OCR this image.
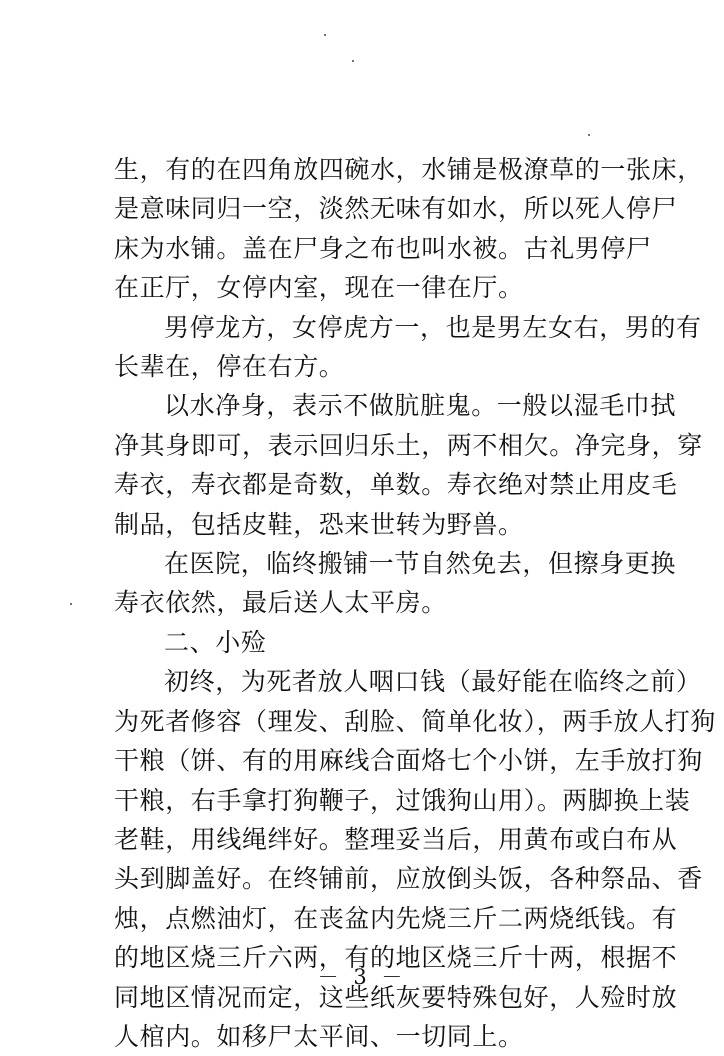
生，有的在四角放四碗水，水铺是极潦草的一张床，
是意味同归一空，淡然无味有如水，所以死人停尸
床为水铺。盖在尸身之布也叫水被。古礼男停尸
在正厅，女停内室，现在一律在厅。
男停龙方，女停虎方一，也是男左女右，男的有
长辈在，停在右方。
以水净身，表示不做肮脏鬼。一般以湿毛巾拭
净其身即可，表示回归乐土，两不相欠。净完身，穿
寿衣，寿衣都是奇数，单数。寿衣绝对禁止用皮毛
制品，包括皮鞋，恐来世转为野兽。
在医院，临终搬铺一节自然免去，但擦身更换
寿衣依然，最后送人太平房。
二、小殓
初终，为死者放人咽口钱（最好能在临终之前）
为死者修容（理发、刮脸、简单化妆），两手放人打狗
干粮（饼、有的用麻线合面烙七个小饼，左手放打狗
干粮，右手拿打狗鞭子，过饿狗山用）。两脚换上装
老鞋，用线绳绊好。整理妥当后，用黄布或白布从
头到脚盖好。在终铺前，应放倒头饭，各种祭品、香
烛，点燃油灯，在丧盆内先烧三斤二两烧纸钱。有
的地区烧三斤六两，有的地区烧三斤十两，根据不
同地区情况而定，这些纸灰要特殊包好，人殓时放
人棺内。如移尸太平间、一切同上。
－ 3 －
